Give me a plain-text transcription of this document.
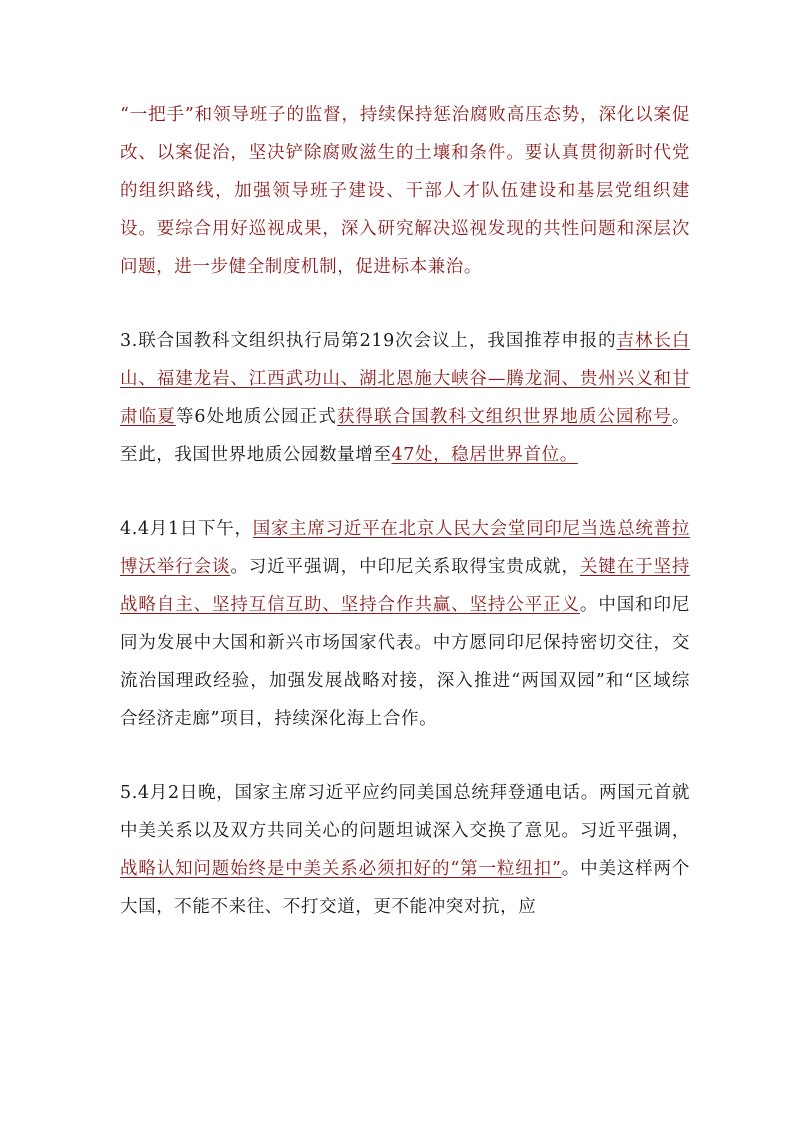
“一把手”和领导班子的监督，持续保持惩治腐败高压态势，深化以案促改、以案促治，坚决铲除腐败滋生的土壤和条件。要认真贯彻新时代党的组织路线，加强领导班子建设、干部人才队伍建设和基层党组织建设。要综合用好巡视成果，深入研究解决巡视发现的共性问题和深层次问题，进一步健全制度机制，促进标本兼治。

3.联合国教科文组织执行局第219次会议上，我国推荐申报的吉林长白山、福建龙岩、江西武功山、湖北恩施大峡谷—腾龙洞、贵州兴义和甘肃临夏等6处地质公园正式获得联合国教科文组织世界地质公园称号。至此，我国世界地质公园数量增至47处，稳居世界首位。

4.4月1日下午，国家主席习近平在北京人民大会堂同印尼当选总统普拉博沃举行会谈。习近平强调，中印尼关系取得宝贵成就，关键在于坚持战略自主、坚持互信互助、坚持合作共赢、坚持公平正义。中国和印尼同为发展中大国和新兴市场国家代表。中方愿同印尼保持密切交往，交流治国理政经验，加强发展战略对接，深入推进“两国双园”和“区域综合经济走廊”项目，持续深化海上合作。

5.4月2日晚，国家主席习近平应约同美国总统拜登通电话。两国元首就中美关系以及双方共同关心的问题坦诚深入交换了意见。习近平强调，战略认知问题始终是中美关系必须扣好的“第一粒纽扣”。中美这样两个大国，不能不来往、不打交道，更不能冲突对抗，应
